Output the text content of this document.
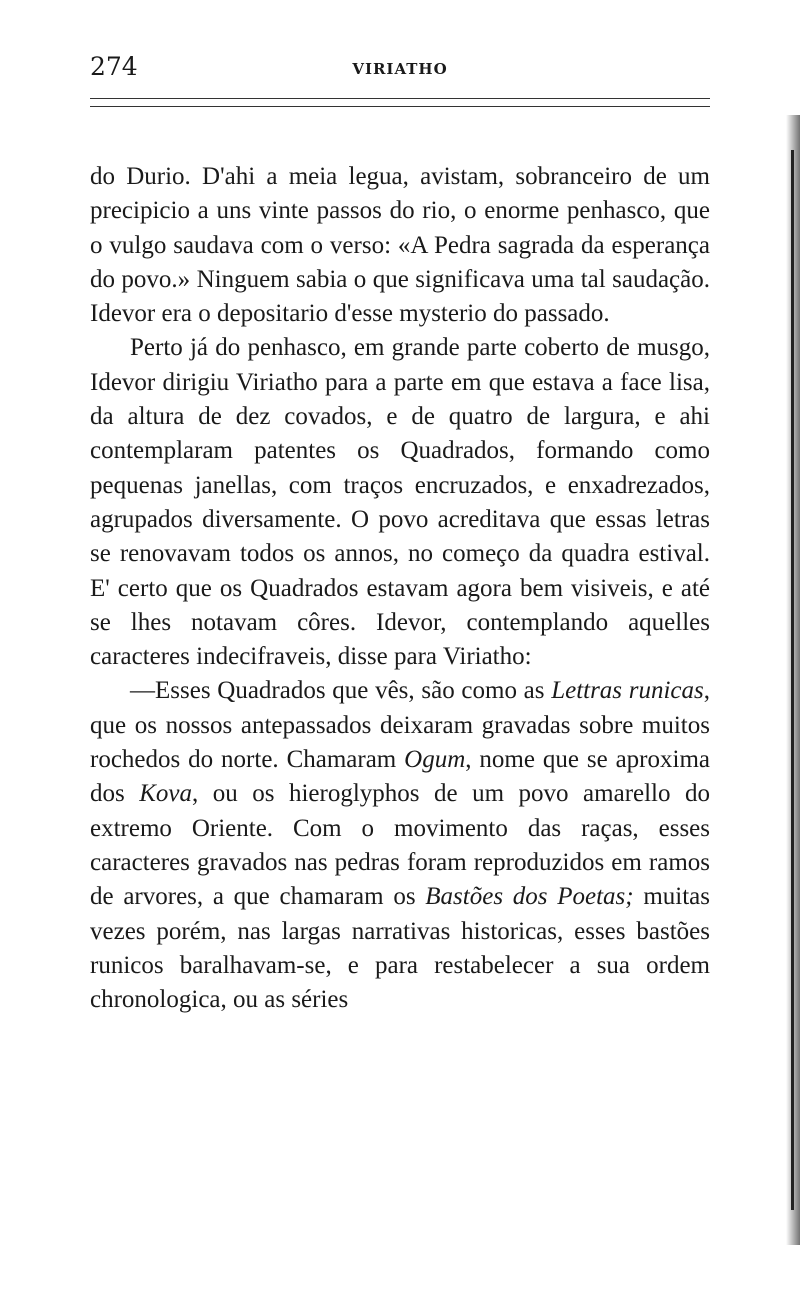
274	VIRIATHO

do Durio. D'ahi a meia legua, avistam, sobranceiro de um precipicio a uns vinte passos do rio, o enorme penhasco, que o vulgo saudava com o verso: «A Pedra sagrada da esperança do povo.» Ninguem sabia o que significava uma tal saudação. Idevor era o depositario d'esse mysterio do passado.

Perto já do penhasco, em grande parte coberto de musgo, Idevor dirigiu Viriatho para a parte em que estava a face lisa, da altura de dez covados, e de quatro de largura, e ahi contemplaram patentes os Quadrados, formando como pequenas janellas, com traços encruzados, e enxadrezados, agrupados diversamente. O povo acreditava que essas letras se renovavam todos os annos, no começo da quadra estival. E' certo que os Quadrados estavam agora bem visiveis, e até se lhes notavam côres. Idevor, contemplando aquelles caracteres indecifraveis, disse para Viriatho:

—Esses Quadrados que vês, são como as Lettras runicas, que os nossos antepassados deixaram gravadas sobre muitos rochedos do norte. Chamaram Ogum, nome que se aproxima dos Kova, ou os hieroglyphos de um povo amarello do extremo Oriente. Com o movimento das raças, esses caracteres gravados nas pedras foram reproduzidos em ramos de arvores, a que chamaram os Bastões dos Poetas; muitas vezes porém, nas largas narrativas historicas, esses bastões runicos baralhavam-se, e para restabelecer a sua ordem chronologica, ou as séries
